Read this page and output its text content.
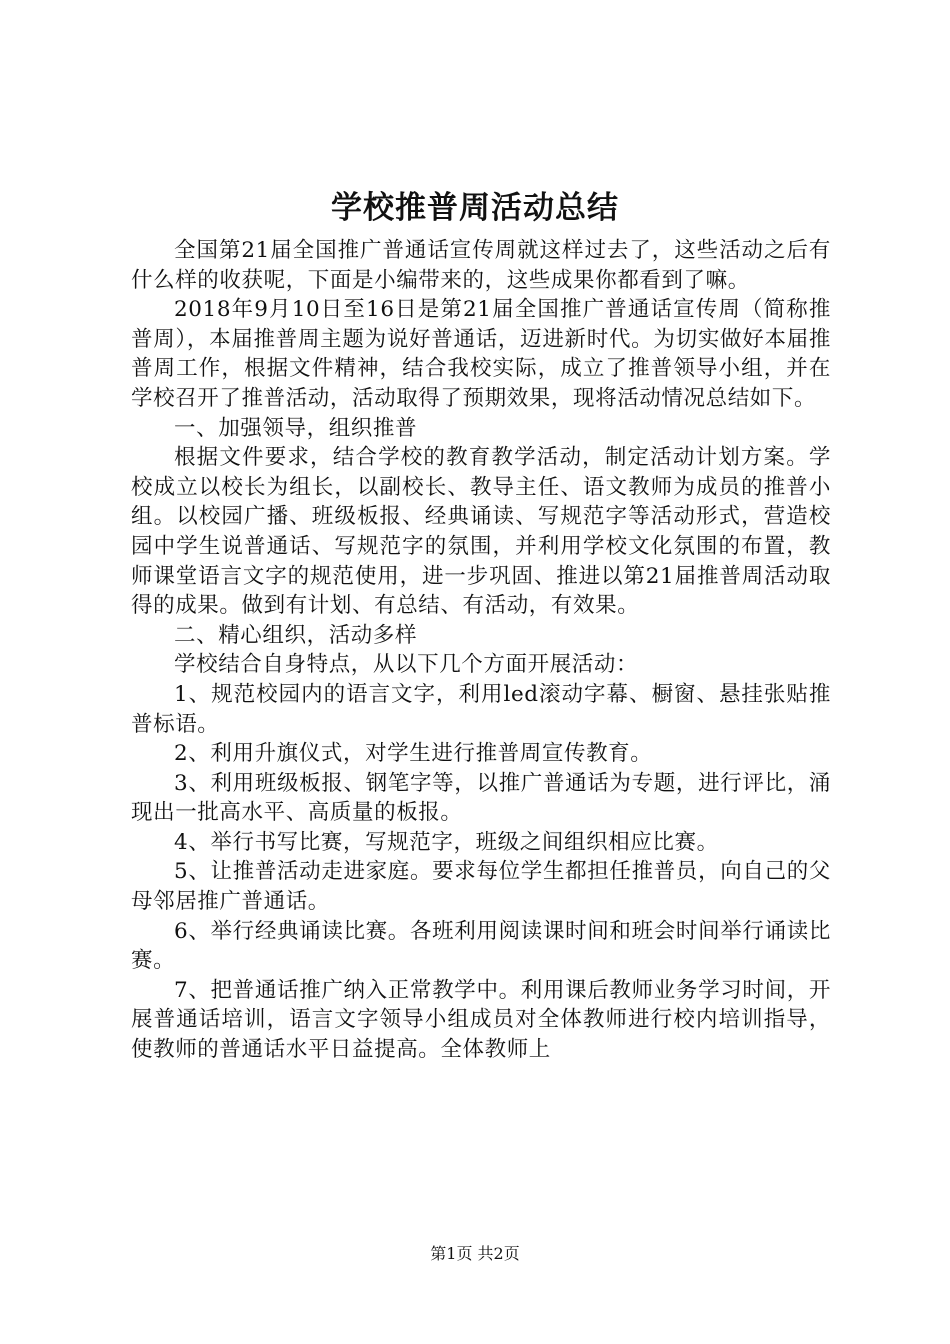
学校推普周活动总结

全国第21届全国推广普通话宣传周就这样过去了，这些活动之后有什么样的收获呢，下面是小编带来的，这些成果你都看到了嘛。

2018年9月10日至16日是第21届全国推广普通话宣传周（简称推普周），本届推普周主题为说好普通话，迈进新时代。为切实做好本届推普周工作，根据文件精神，结合我校实际，成立了推普领导小组，并在学校召开了推普活动，活动取得了预期效果，现将活动情况总结如下。

一、加强领导，组织推普

根据文件要求，结合学校的教育教学活动，制定活动计划方案。学校成立以校长为组长，以副校长、教导主任、语文教师为成员的推普小组。以校园广播、班级板报、经典诵读、写规范字等活动形式，营造校园中学生说普通话、写规范字的氛围，并利用学校文化氛围的布置，教师课堂语言文字的规范使用，进一步巩固、推进以第21届推普周活动取得的成果。做到有计划、有总结、有活动，有效果。

二、精心组织，活动多样

学校结合自身特点，从以下几个方面开展活动：

1、规范校园内的语言文字，利用led滚动字幕、橱窗、悬挂张贴推普标语。

2、利用升旗仪式，对学生进行推普周宣传教育。

3、利用班级板报、钢笔字等，以推广普通话为专题，进行评比，涌现出一批高水平、高质量的板报。

4、举行书写比赛，写规范字，班级之间组织相应比赛。

5、让推普活动走进家庭。要求每位学生都担任推普员，向自己的父母邻居推广普通话。

6、举行经典诵读比赛。各班利用阅读课时间和班会时间举行诵读比赛。

7、把普通话推广纳入正常教学中。利用课后教师业务学习时间，开展普通话培训，语言文字领导小组成员对全体教师进行校内培训指导，使教师的普通话水平日益提高。全体教师上

第1页 共2页
